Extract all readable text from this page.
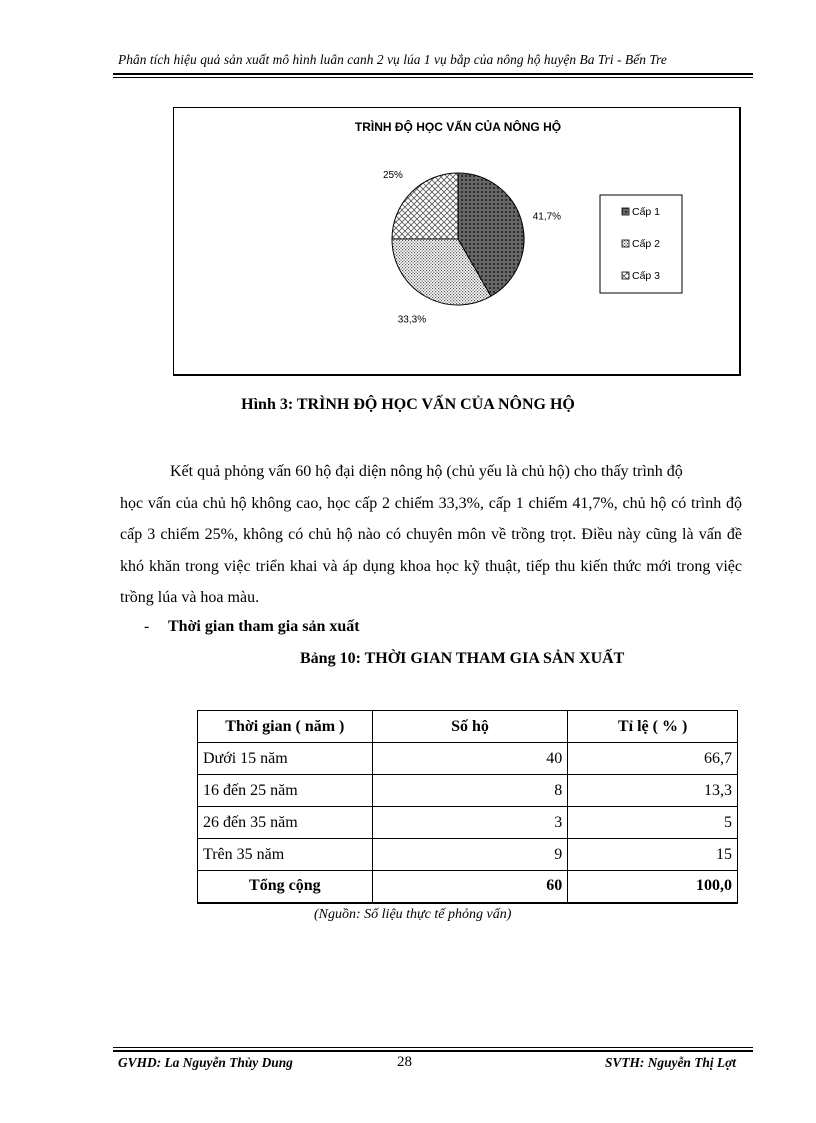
Phân tích hiệu quả sản xuất mô hình luân canh 2 vụ lúa 1 vụ bắp của nông hộ huyện Ba Tri - Bến Tre
TRÌNH ĐỘ HỌC VẤN CỦA NÔNG HỘ
41,7%
33,3%
25%
Cấp 1
Cấp 2
Cấp 3
Hình 3: TRÌNH ĐỘ HỌC VẤN CỦA NÔNG HỘ

Kết quả phỏng vấn 60 hộ đại diện nông hộ (chủ yếu là chủ hộ) cho thấy trình độ
học vấn của chủ hộ không cao, học cấp 2 chiếm 33,3%, cấp 1 chiếm 41,7%, chủ hộ có trình độ cấp 3 chiếm 25%, không có chủ hộ nào có chuyên môn về trồng trọt. Điều này cũng là vấn đề khó khăn trong việc triển khai và áp dụng khoa học kỹ thuật, tiếp thu kiến thức mới trong việc trồng lúa và hoa màu.

- Thời gian tham gia sản xuất
Bảng 10: THỜI GIAN THAM GIA SẢN XUẤT
Thời gian ( năm )	Số hộ	Tỉ lệ ( % )
Dưới 15 năm	40	66,7
16 đến 25 năm	8	13,3
26 đến 35 năm	3	5
Trên 35 năm	9	15
Tổng cộng	60	100,0
(Nguồn: Số liệu thực tế phỏng vấn)
GVHD: La Nguyễn Thùy Dung	28	SVTH: Nguyễn Thị Lợt
